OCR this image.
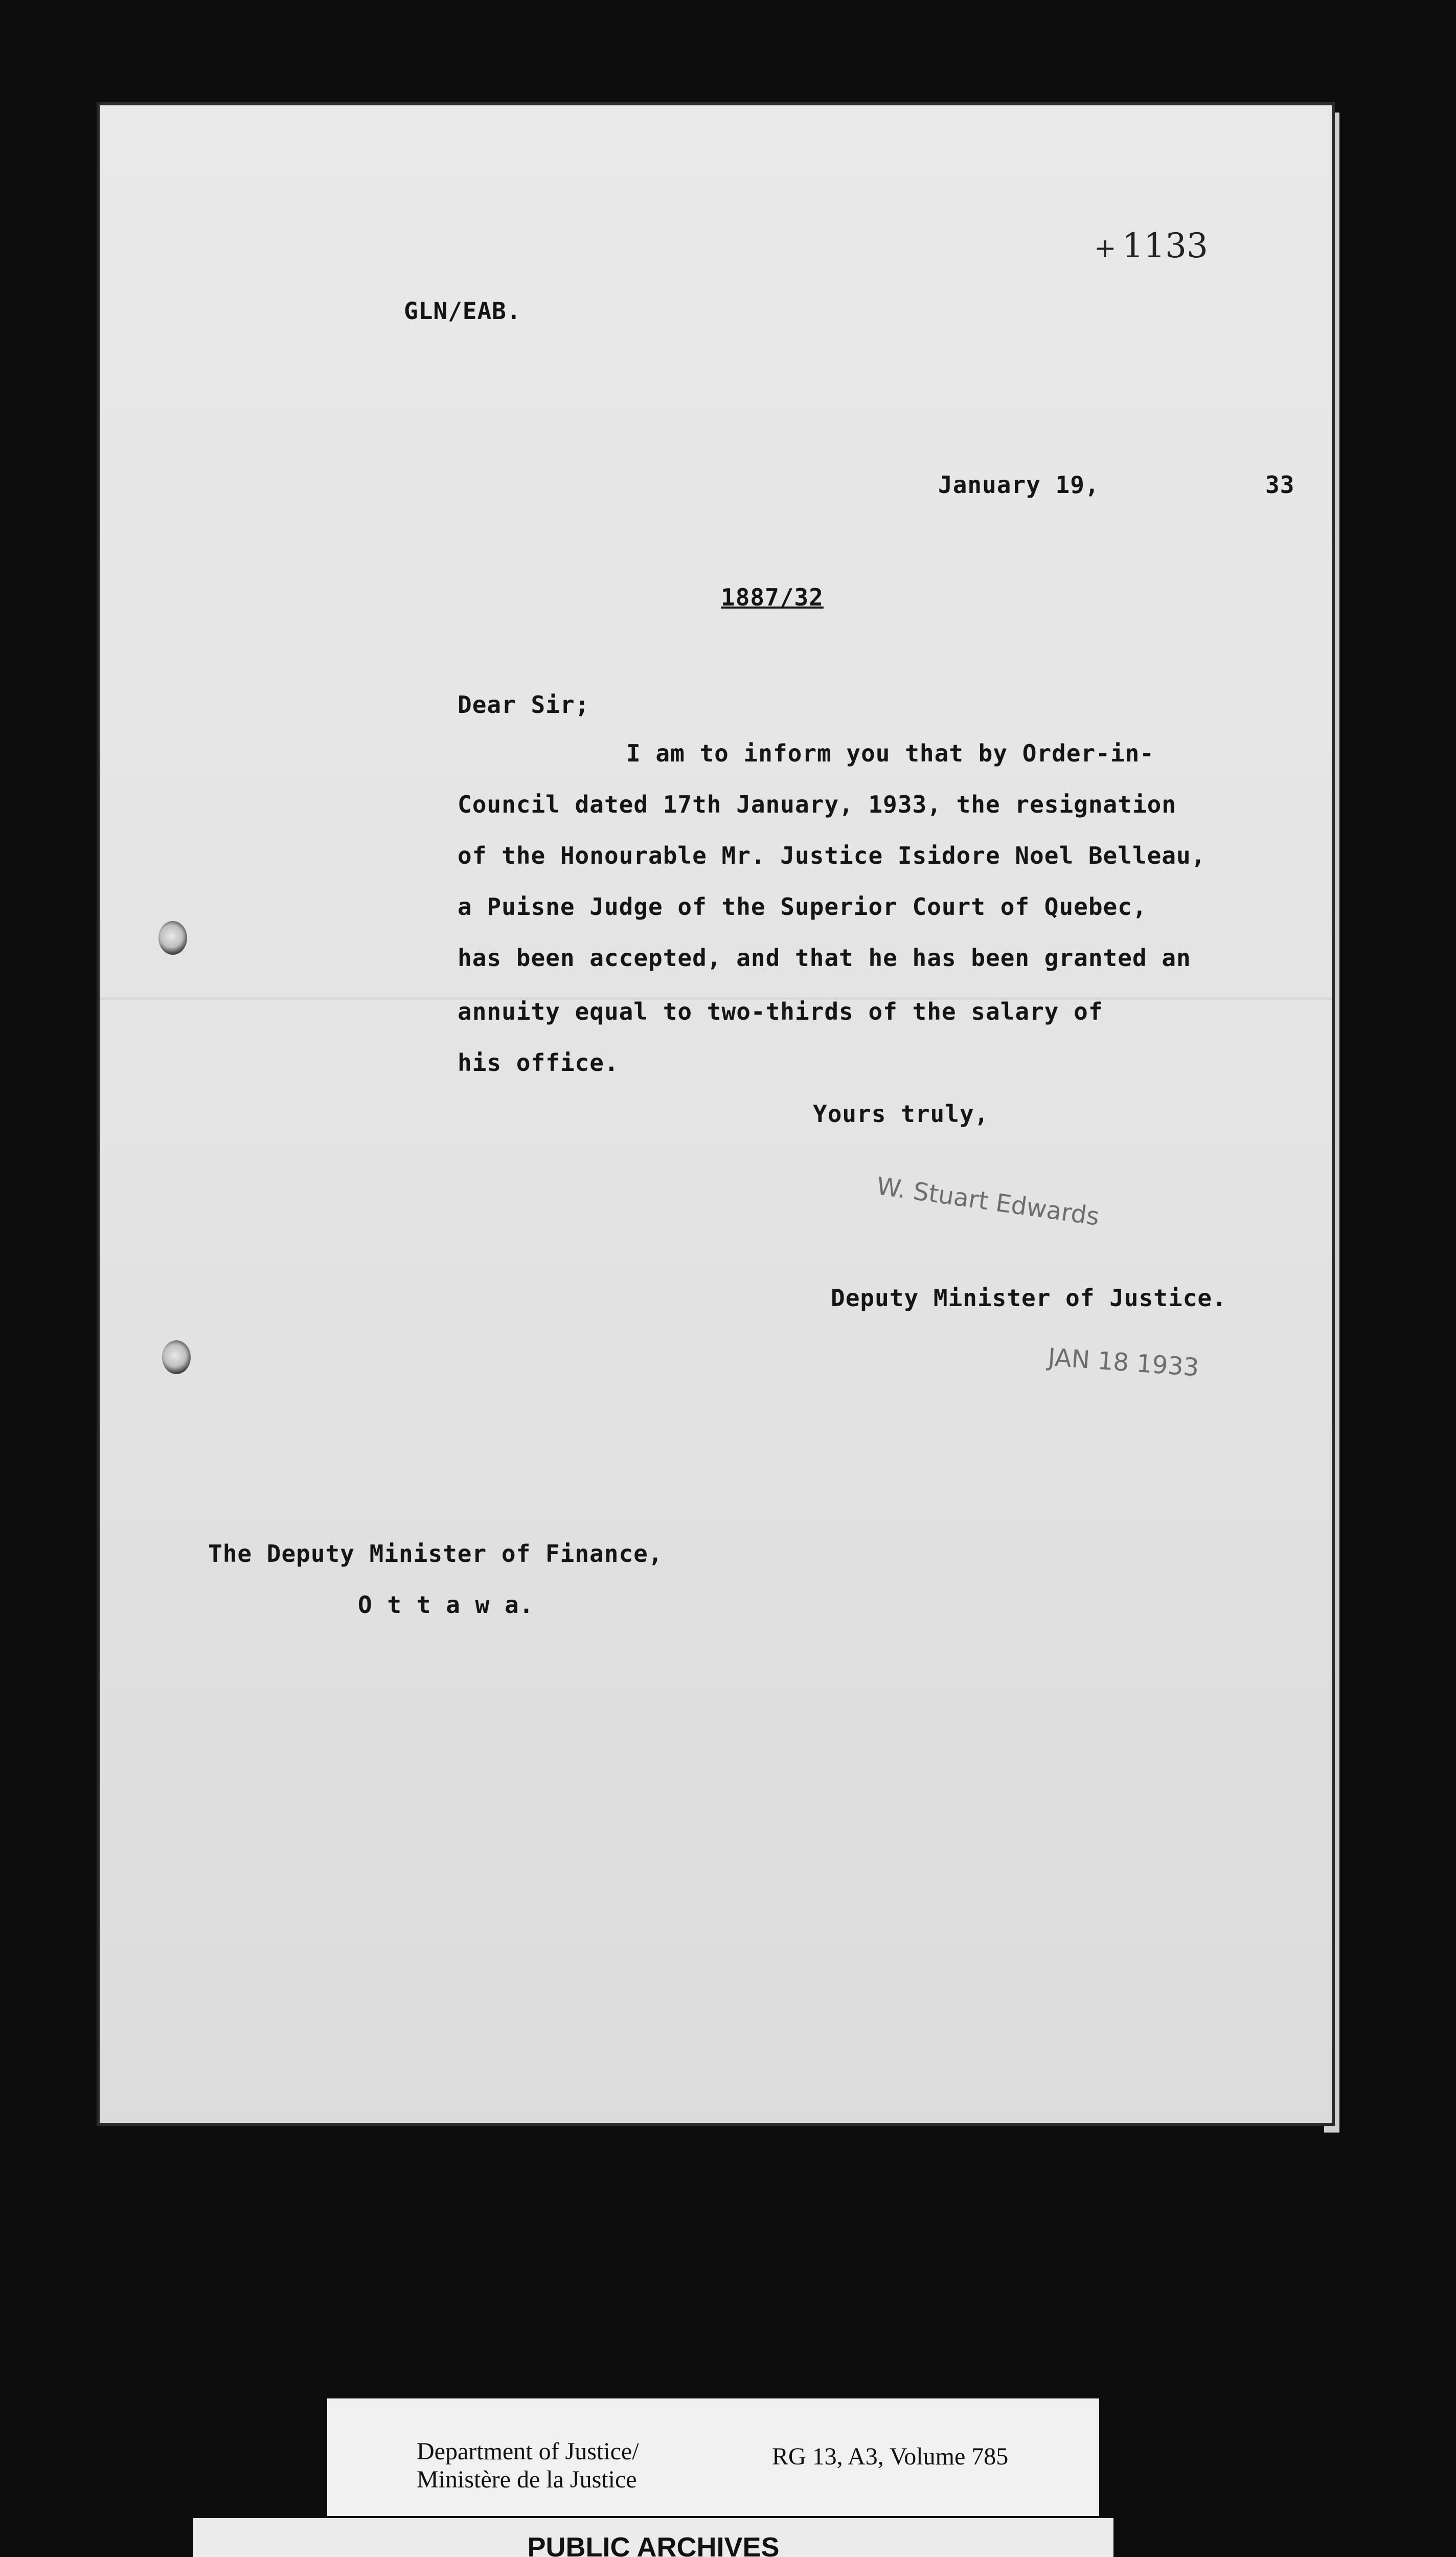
+ 1133
GLN/EAB.
January 19,	33
1887/32
Dear Sir;
I am to inform you that by Order-in-
Council dated 17th January, 1933, the resignation
of the Honourable Mr. Justice Isidore Noel Belleau,
a Puisne Judge of the Superior Court of Quebec,
has been accepted, and that he has been granted an
annuity equal to two-thirds of the salary of
his office.
Yours truly,
W. Stuart Edwards
Deputy Minister of Justice.
JAN 18 1933
The Deputy Minister of Finance,
O t t a w a.
Department of Justice/
Ministère de la Justice
RG 13, A3, Volume 785
PUBLIC ARCHIVES
